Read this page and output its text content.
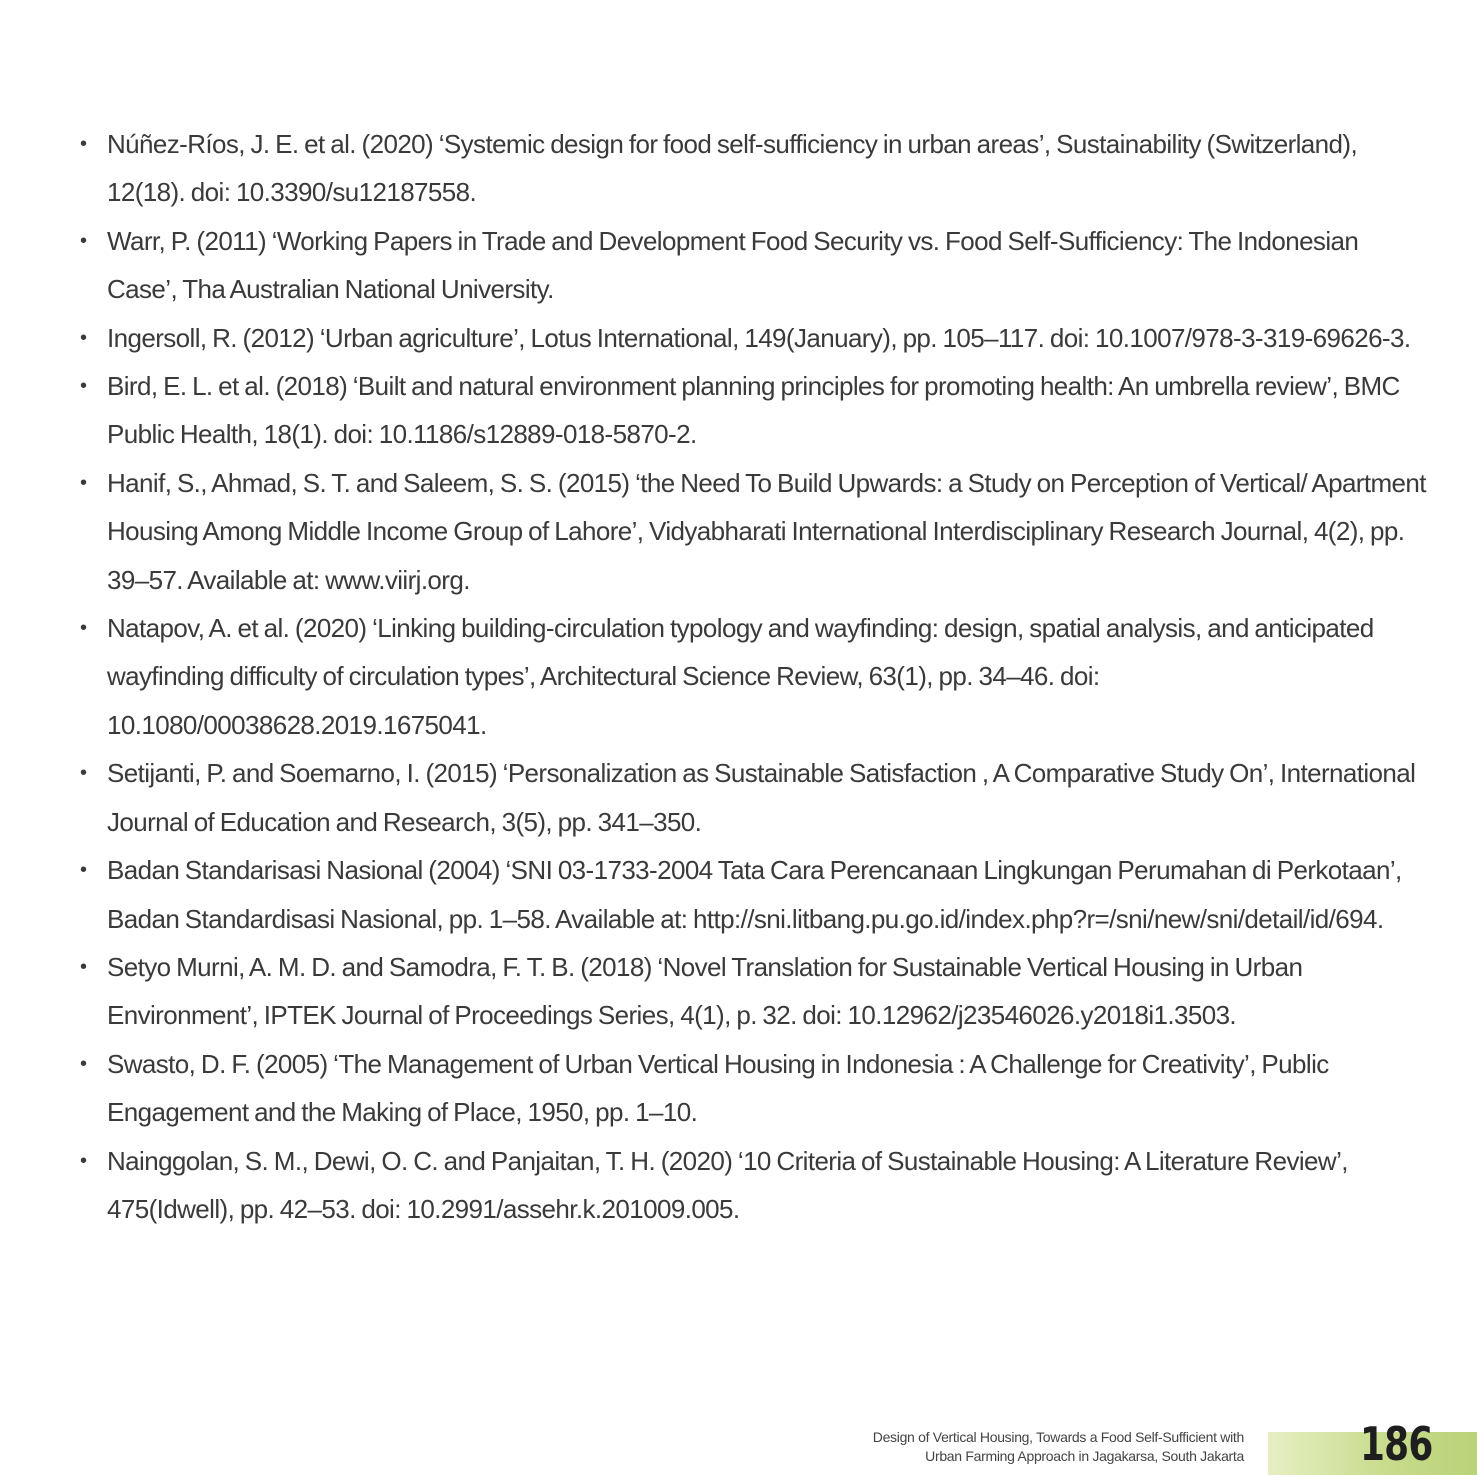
• Núñez-Ríos, J. E. et al. (2020) ‘Systemic design for food self-sufficiency in urban areas’, Sustainability (Switzerland), 12(18). doi: 10.3390/su12187558.
• Warr, P. (2011) ‘Working Papers in Trade and Development Food Security vs. Food Self-Sufficiency: The Indonesian Case’, Tha Australian National University.
• Ingersoll, R. (2012) ‘Urban agriculture’, Lotus International, 149(January), pp. 105–117. doi: 10.1007/978-3-319-69626-3.
• Bird, E. L. et al. (2018) ‘Built and natural environment planning principles for promoting health: An umbrella review’, BMC Public Health, 18(1). doi: 10.1186/s12889-018-5870-2.
• Hanif, S., Ahmad, S. T. and Saleem, S. S. (2015) ‘the Need To Build Upwards: a Study on Perception of Vertical/ Apartment Housing Among Middle Income Group of Lahore’, Vidyabharati International Interdisciplinary Research Journal, 4(2), pp. 39–57. Available at: www.viirj.org.
• Natapov, A. et al. (2020) ‘Linking building-circulation typology and wayfinding: design, spatial analysis, and anticipated wayfinding difficulty of circulation types’, Architectural Science Review, 63(1), pp. 34–46. doi: 10.1080/00038628.2019.1675041.
• Setijanti, P. and Soemarno, I. (2015) ‘Personalization as Sustainable Satisfaction , A Comparative Study On’, International Journal of Education and Research, 3(5), pp. 341–350.
• Badan Standarisasi Nasional (2004) ‘SNI 03-1733-2004 Tata Cara Perencanaan Lingkungan Perumahan di Perkotaan’, Badan Standardisasi Nasional, pp. 1–58. Available at: http://sni.litbang.pu.go.id/index.php?r=/sni/new/sni/detail/id/694.
• Setyo Murni, A. M. D. and Samodra, F. T. B. (2018) ‘Novel Translation for Sustainable Vertical Housing in Urban Environment’, IPTEK Journal of Proceedings Series, 4(1), p. 32. doi: 10.12962/j23546026.y2018i1.3503.
• Swasto, D. F. (2005) ‘The Management of Urban Vertical Housing in Indonesia : A Challenge for Creativity’, Public Engagement and the Making of Place, 1950, pp. 1–10.
• Nainggolan, S. M., Dewi, O. C. and Panjaitan, T. H. (2020) ‘10 Criteria of Sustainable Housing: A Literature Review’, 475(Idwell), pp. 42–53. doi: 10.2991/assehr.k.201009.005.
Design of Vertical Housing, Towards a Food Self-Sufficient with
Urban Farming Approach in Jagakarsa, South Jakarta	186
